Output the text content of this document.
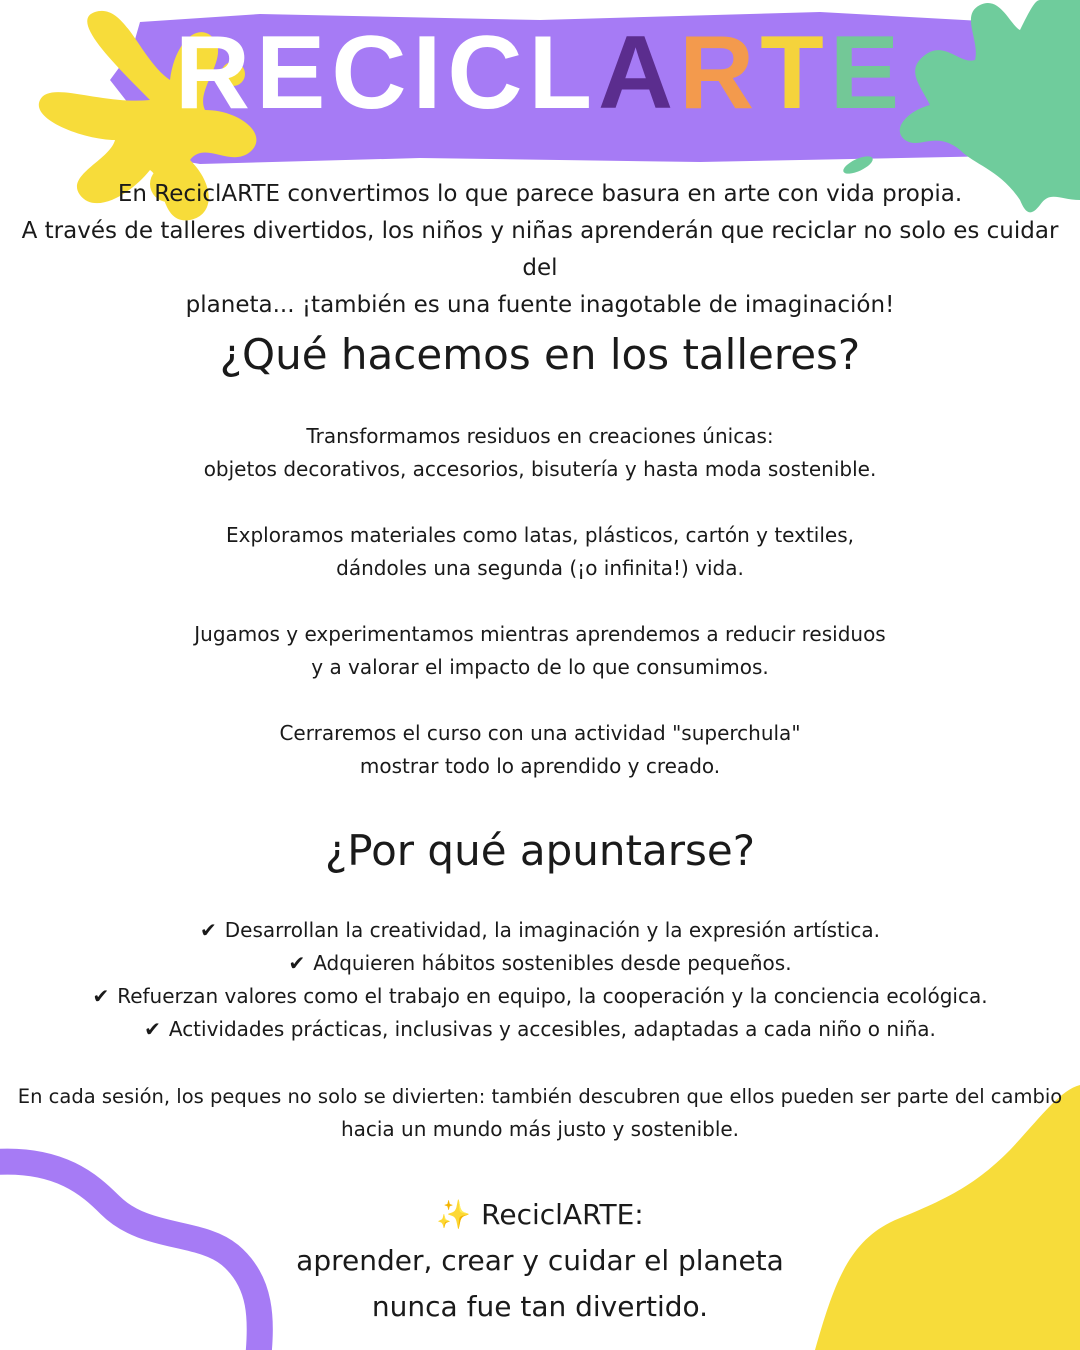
RECICLARTE
En ReciclARTE convertimos lo que parece basura en arte con vida propia.
A través de talleres divertidos, los niños y niñas aprenderán que reciclar no solo es cuidar del
planeta... ¡también es una fuente inagotable de imaginación!
¿Qué hacemos en los talleres?
Transformamos residuos en creaciones únicas:
objetos decorativos, accesorios, bisutería y hasta moda sostenible.
Exploramos materiales como latas, plásticos, cartón y textiles,
dándoles una segunda (¡o infinita!) vida.
Jugamos y experimentamos mientras aprendemos a reducir residuos
y a valorar el impacto de lo que consumimos.
Cerraremos el curso con una actividad "superchula"
mostrar todo lo aprendido y creado.
¿Por qué apuntarse?
✔ Desarrollan la creatividad, la imaginación y la expresión artística.
✔ Adquieren hábitos sostenibles desde pequeños.
✔ Refuerzan valores como el trabajo en equipo, la cooperación y la conciencia ecológica.
✔ Actividades prácticas, inclusivas y accesibles, adaptadas a cada niño o niña.
En cada sesión, los peques no solo se divierten: también descubren que ellos pueden ser parte del cambio
hacia un mundo más justo y sostenible.
✨ ReciclARTE:
aprender, crear y cuidar el planeta
nunca fue tan divertido.
